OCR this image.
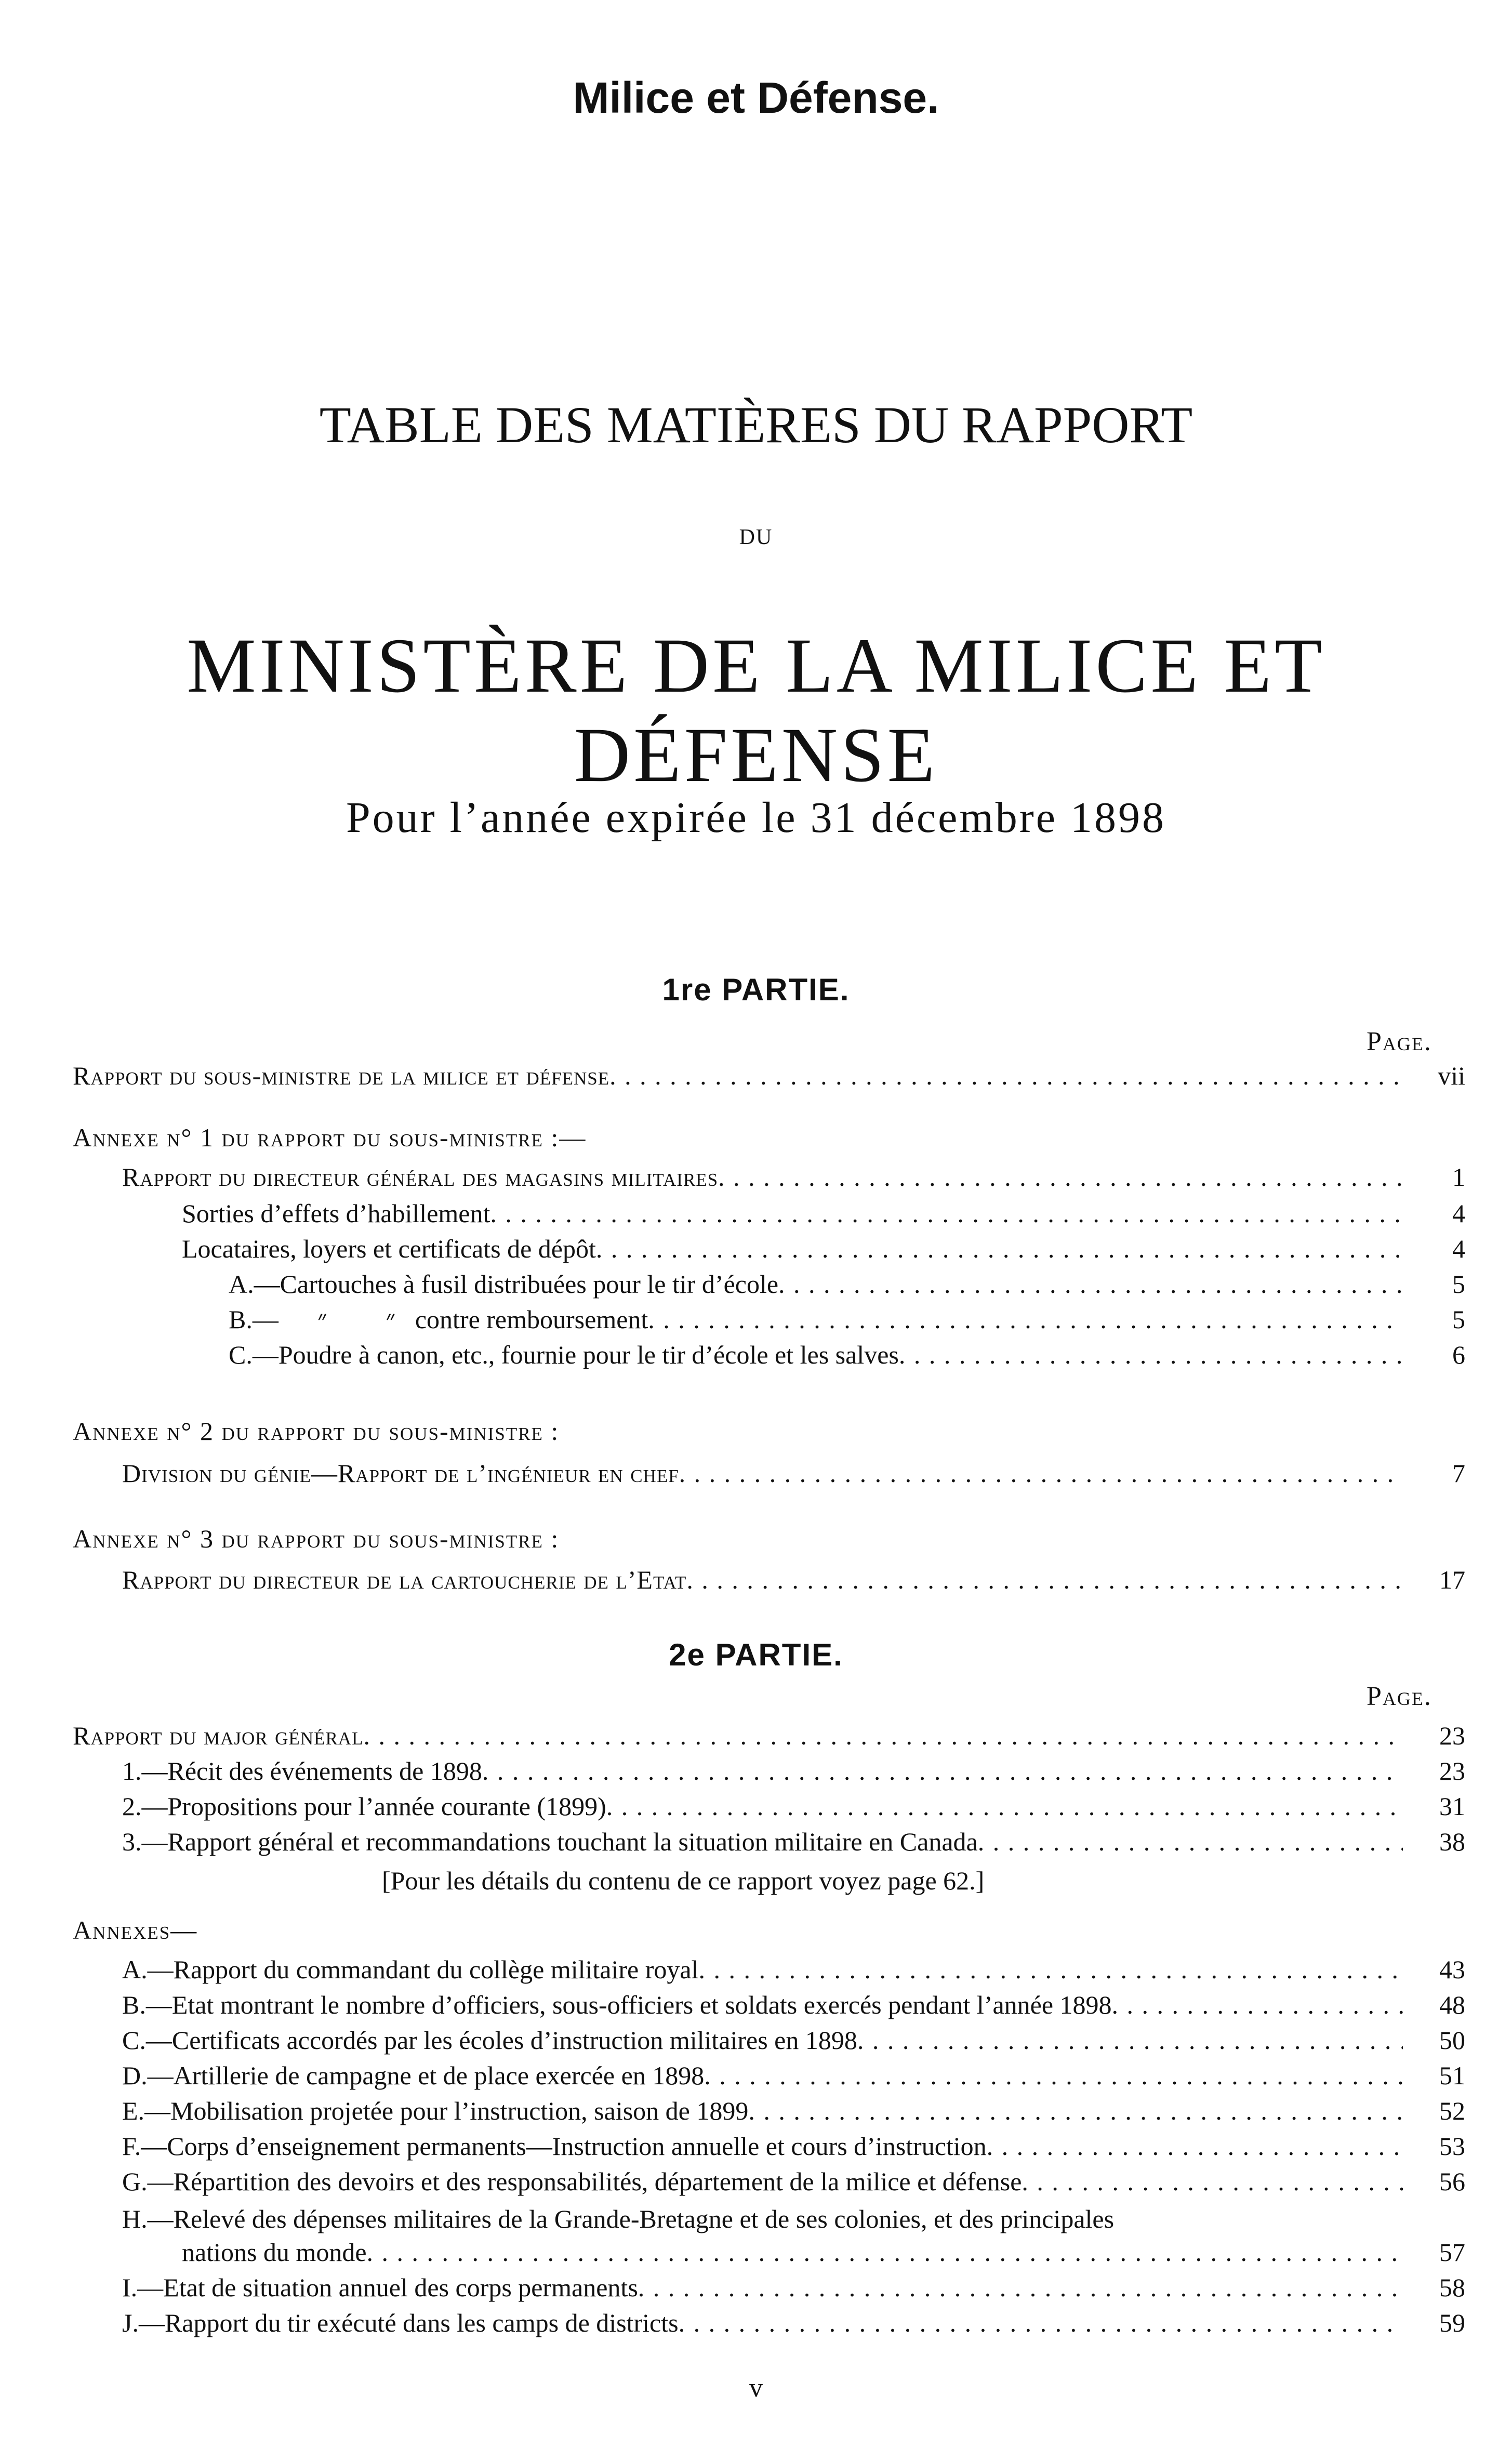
Milice et Défense.
TABLE DES MATIÈRES DU RAPPORT
DU
MINISTÈRE DE LA MILICE ET DÉFENSE
Pour l’année expirée le 31 décembre 1898
1re PARTIE.
Page.
Rapport du sous-ministre de la milice et défense . . .	vii
Annexe n° 1 du rapport du sous-ministre :—
Rapport du directeur général des magasins militaires . . .	1
Sorties d’effets d’habillement . . .	4
Locataires, loyers et certificats de dépôt . . .	4
A.—Cartouches à fusil distribuées pour le tir d’école . . .	5
B.—      ״         ״   contre remboursement . . .	5
C.—Poudre à canon, etc., fournie pour le tir d’école et les salves . . .	6
Annexe n° 2 du rapport du sous-ministre :
Division du génie—Rapport de l’ingénieur en chef . . .	7
Annexe n° 3 du rapport du sous-ministre :
Rapport du directeur de la cartoucherie de l’Etat . . .	17
2e PARTIE.
Page.
Rapport du major général . . .	23
1.—Récit des événements de 1898 . . .	23
2.—Propositions pour l’année courante (1899) . . .	31
3.—Rapport général et recommandations touchant la situation militaire en Canada . . .	38
[Pour les détails du contenu de ce rapport voyez page 62.]
Annexes—
A.—Rapport du commandant du collège militaire royal . . .	43
B.—Etat montrant le nombre d’officiers, sous-officiers et soldats exercés pendant l’année 1898 . . .	48
C.—Certificats accordés par les écoles d’instruction militaires en 1898 . . .	50
D.—Artillerie de campagne et de place exercée en 1898 . . .	51
E.—Mobilisation projetée pour l’instruction, saison de 1899 . . .	52
F.—Corps d’enseignement permanents—Instruction annuelle et cours d’instruction . . .	53
G.—Répartition des devoirs et des responsabilités, département de la milice et défense . . .	56
H.—Relevé des dépenses militaires de la Grande-Bretagne et de ses colonies, et des principales
nations du monde . . .	57
I.—Etat de situation annuel des corps permanents . . .	58
J.—Rapport du tir exécuté dans les camps de districts . . .	59
v
